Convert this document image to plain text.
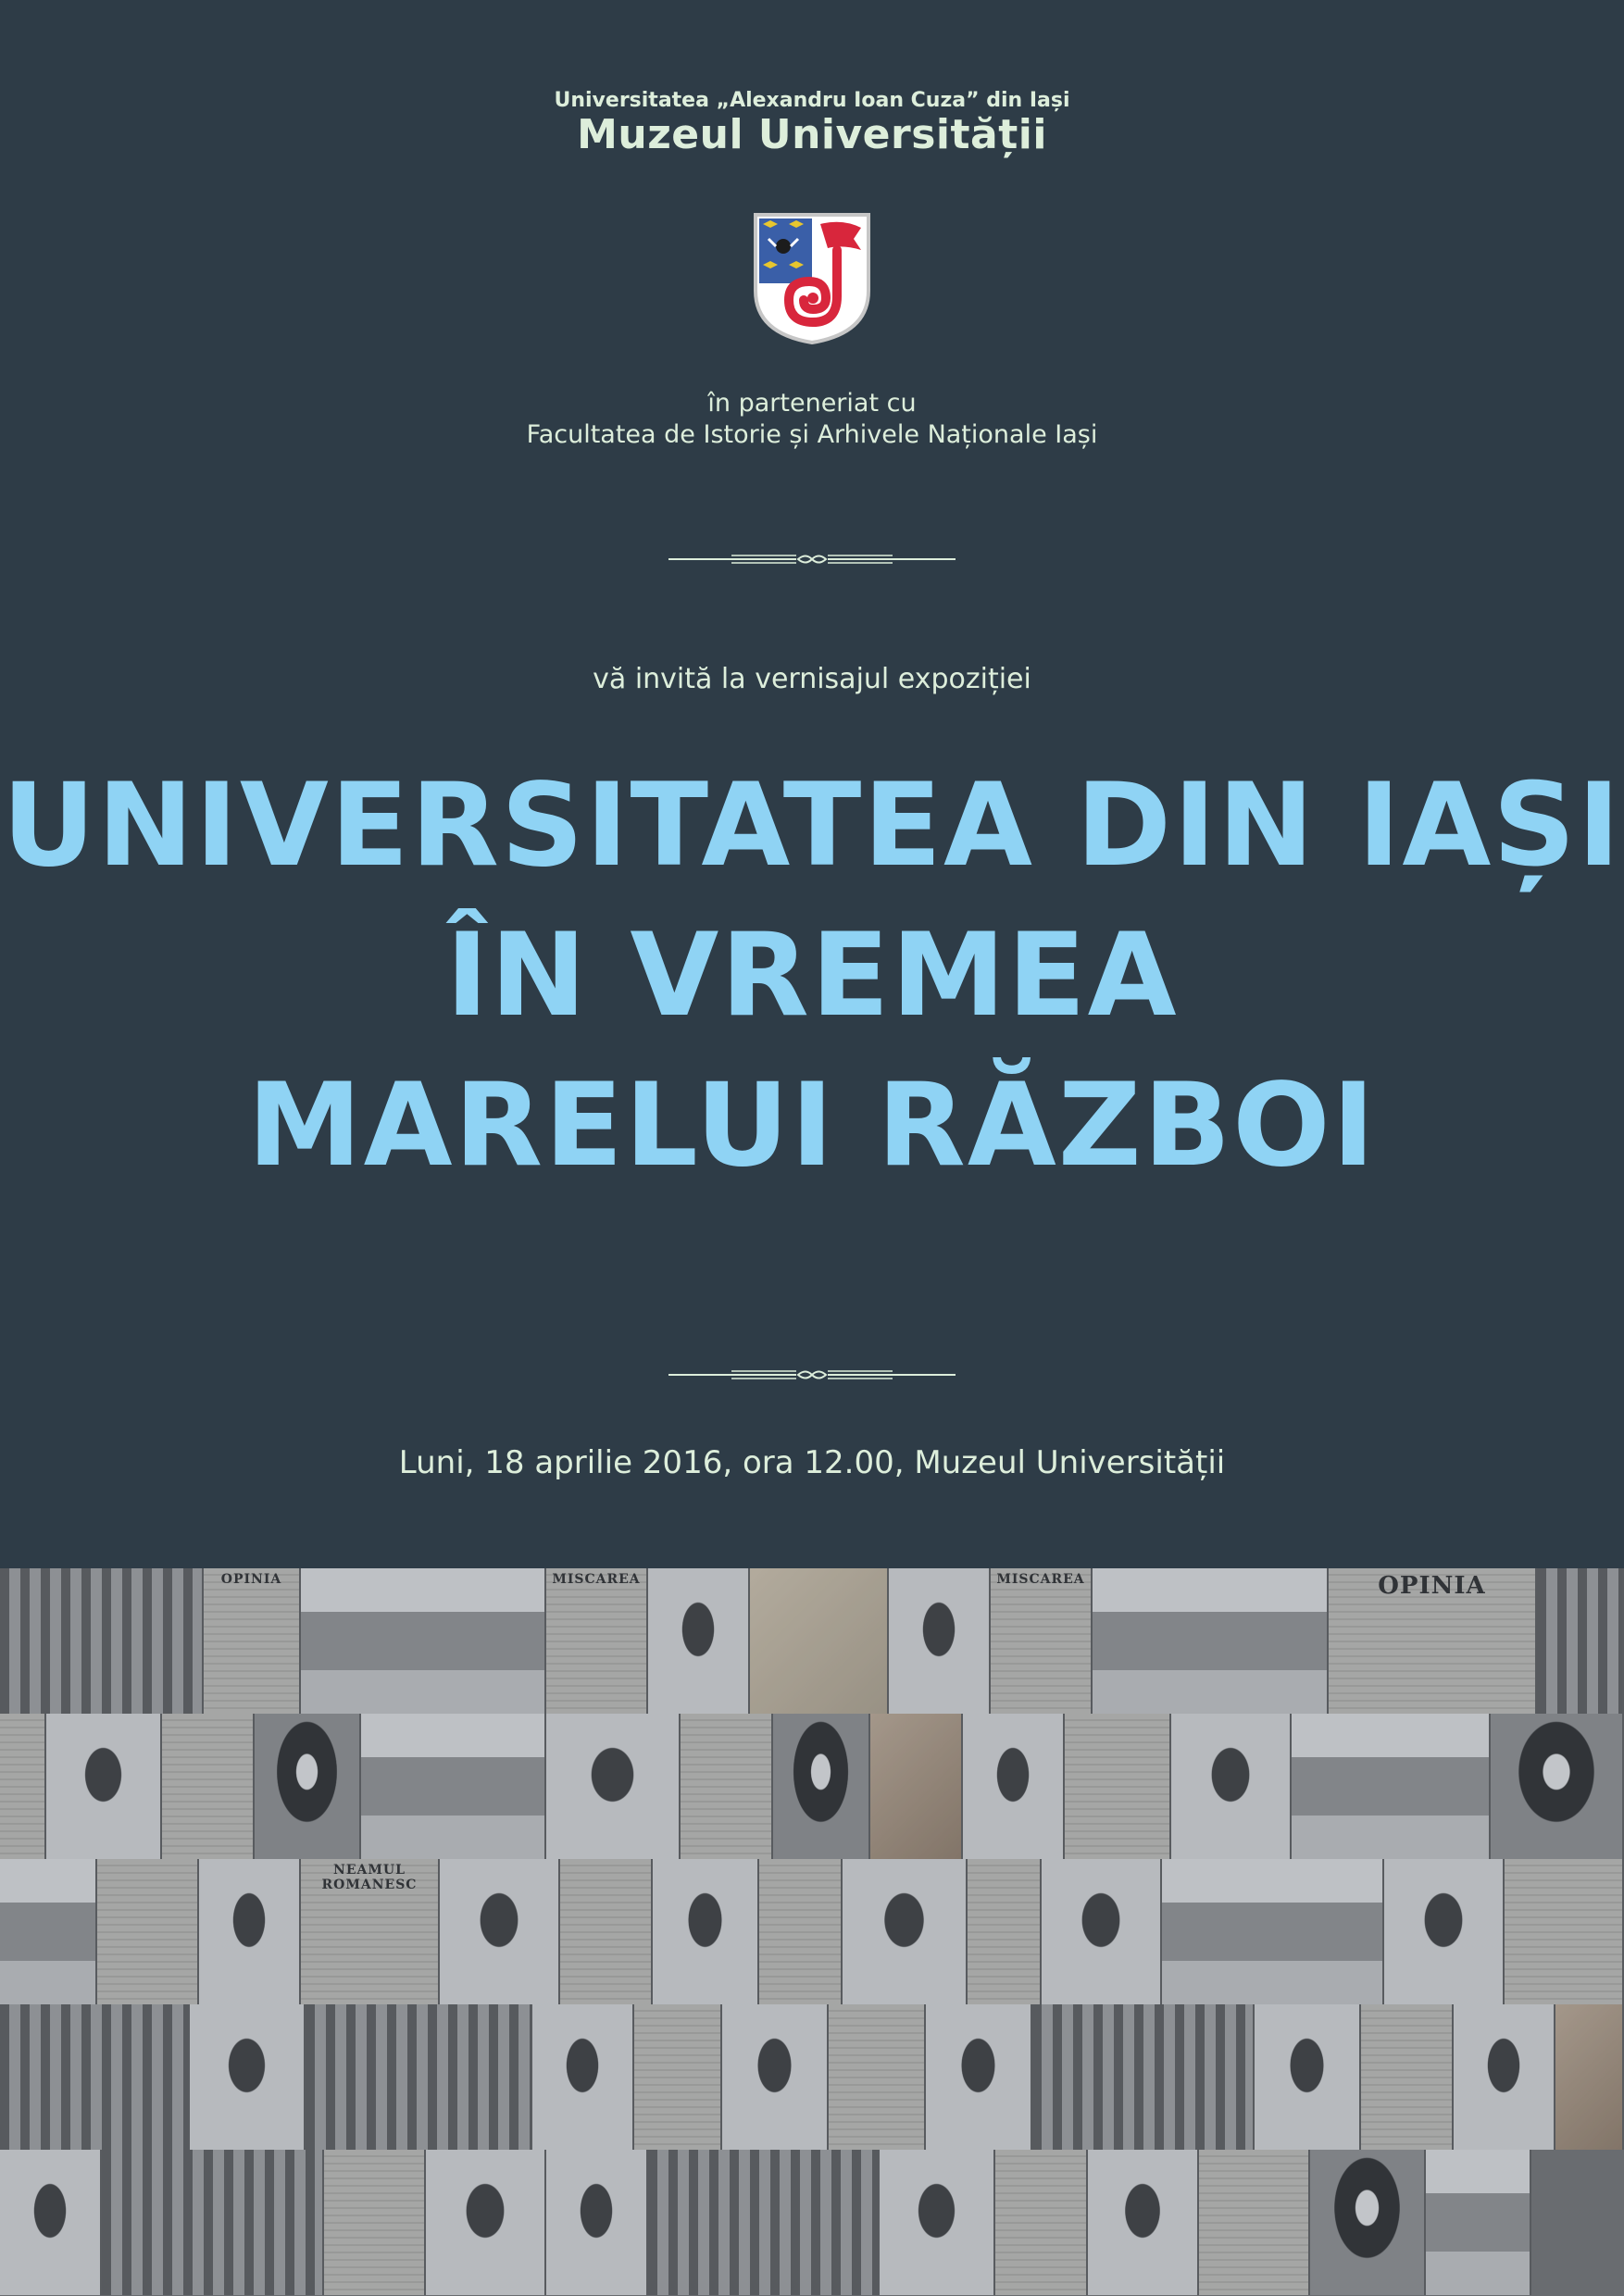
Universitatea „Alexandru Ioan Cuza” din Iași
Muzeul Universității
în parteneriat cu
Facultatea de Istorie și Arhivele Naționale Iași
vă invită la vernisajul expoziției
UNIVERSITATEA DIN IAȘI
ÎN VREMEA
MARELUI RĂZBOI
Luni, 18 aprilie 2016, ora 12.00, Muzeul Universității
OPINIA	MISCAREA	MISCAREA	OPINIA
NEAMUL ROMANESC
